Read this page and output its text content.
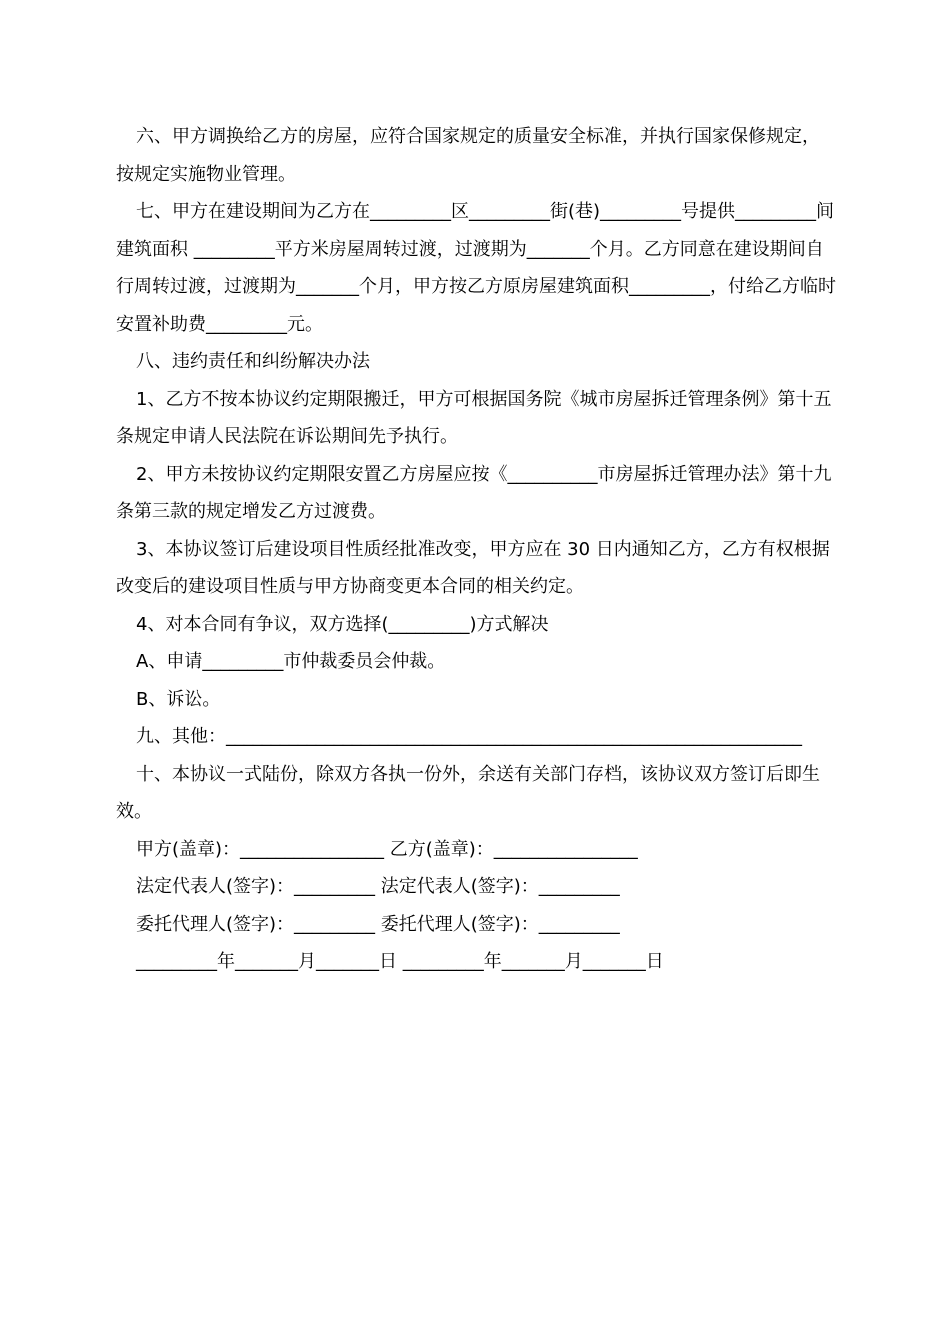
六、甲方调换给乙方的房屋，应符合国家规定的质量安全标准，并执行国家保修规定，按规定实施物业管理。

七、甲方在建设期间为乙方在_________区_________街(巷)_________号提供_________间建筑面积 _________平方米房屋周转过渡，过渡期为_______个月。乙方同意在建设期间自行周转过渡，过渡期为_______个月，甲方按乙方原房屋建筑面积_________，付给乙方临时安置补助费_________元。

八、违约责任和纠纷解决办法

1、乙方不按本协议约定期限搬迁，甲方可根据国务院《城市房屋拆迁管理条例》第十五条规定申请人民法院在诉讼期间先予执行。

2、甲方未按协议约定期限安置乙方房屋应按《__________市房屋拆迁管理办法》第十九条第三款的规定增发乙方过渡费。

3、本协议签订后建设项目性质经批准改变，甲方应在 30 日内通知乙方，乙方有权根据改变后的建设项目性质与甲方协商变更本合同的相关约定。

4、对本合同有争议，双方选择(_________)方式解决

A、申请_________市仲裁委员会仲裁。

B、诉讼。

九、其他：________________________________________________________________

十、本协议一式陆份，除双方各执一份外，余送有关部门存档，该协议双方签订后即生效。

甲方(盖章)：________________ 乙方(盖章)：________________

法定代表人(签字)：_________ 法定代表人(签字)：_________

委托代理人(签字)：_________ 委托代理人(签字)：_________

_________年_______月_______日 _________年_______月_______日
